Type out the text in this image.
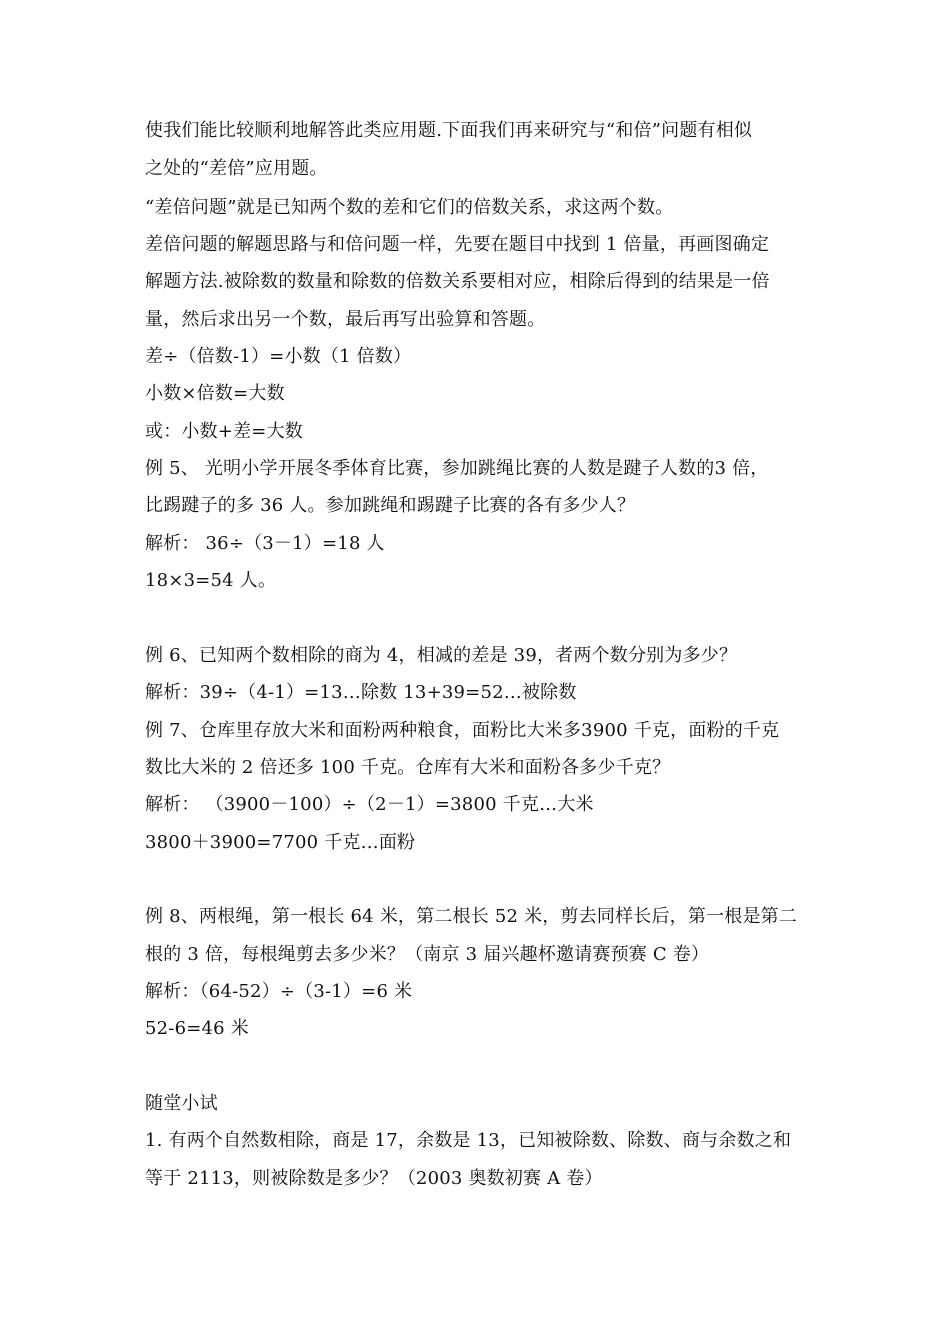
使我们能比较顺利地解答此类应用题.下面我们再来研究与“和倍”问题有相似
之处的“差倍”应用题。
“差倍问题”就是已知两个数的差和它们的倍数关系，求这两个数。
差倍问题的解题思路与和倍问题一样，先要在题目中找到 1 倍量，再画图确定
解题方法.被除数的数量和除数的倍数关系要相对应，相除后得到的结果是一倍
量，然后求出另一个数，最后再写出验算和答题。
差÷（倍数-1）=小数（1 倍数）
小数×倍数=大数
或：小数+差=大数
例 5、 光明小学开展冬季体育比赛，参加跳绳比赛的人数是踺子人数的3 倍，
比踢踺子的多 36 人。参加跳绳和踢踺子比赛的各有多少人？
解析： 36÷（3－1）=18 人
18×3=54 人。
例 6、已知两个数相除的商为 4，相减的差是 39，者两个数分别为多少？
解析：39÷（4-1）=13…除数 13+39=52…被除数
例 7、仓库里存放大米和面粉两种粮食，面粉比大米多3900 千克，面粉的千克
数比大米的 2 倍还多 100 千克。仓库有大米和面粉各多少千克？
解析： （3900－100）÷（2－1）=3800 千克…大米
3800＋3900=7700 千克…面粉
例 8、两根绳，第一根长 64 米，第二根长 52 米，剪去同样长后，第一根是第二
根的 3 倍，每根绳剪去多少米？（南京 3 届兴趣杯邀请赛预赛 C 卷）
解析：（64-52）÷（3-1）=6 米
52-6=46 米
随堂小试
1. 有两个自然数相除，商是 17，余数是 13，已知被除数、除数、商与余数之和
等于 2113，则被除数是多少？（2003 奥数初赛 A 卷）
